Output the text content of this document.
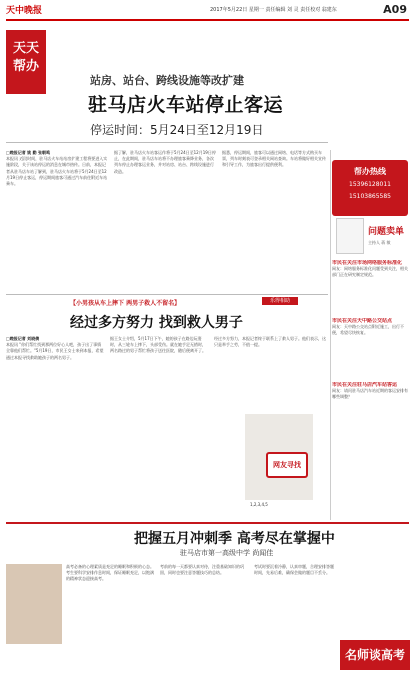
天中晚报	2017年5月22日 星期一 责任编辑 刘 灵 责任校对 翁建东	A09
天天
帮办
站房、站台、跨线设施等改扩建
驻马店火车站停止客运
停运时间：5月24日至12月19日
□晚报记者 姚 勤 张朝鸣
本报讯 近段时间，驻马店火车站站房扩建工程将要进入实施阶段，关于该站停运的消息在城市热传。日前，本报记者从驻马店车站了解到，驻马店火车站将于5月24日至12月19日停止客运，停运期间旅客可通过汽车前往附近车站乘车。
据了解，驻马店火车站客运作将于5月24日至12月19日停止，在此期间，驻马店车站将不办理旅客乘降业务，各次列车停止办理客运业务，并对站房、站台、跨线设施进行改造。
据悉，停运期间，旅客可以通过网络、电话等方式购买车票，列车时刻表可登录相关网站查询。车站将做好相关宣传和引导工作，为旅客出行提供便利。
帮办热线
15396128011
15103865585
问题卖单
主持人 蒋 敏
市民在关注市场网络服务标准化
网友：网络服务标准化问题受到关注，相关部门正在研究制定规范。
市民在关注天中路公交站点
网友：天中路公交站点附近施工，出行不便，希望尽快恢复。
市民在关注驻马店汽车站客运
网友：请问驻马店汽车站近期的客运安排有哪些调整？
【小男孩从车上摔下 两男子救人不留名】	乐得相助
经过多方努力 找到救人男子
□晚报记者 刘晓倩
本报讯 "你们帮忙找到那两位好心人吧，孩子出了事情全靠他们帮忙。"5月19日，市民王女士来到本报，希望通过本报寻找救助她孩子的两名男子。
据王女士介绍，5月17日下午，她的孩子在路边玩耍时，从三轮车上摔下，头部受伤。就在她手足无措时，两名路过的男子帮忙将孩子送往医院，随后便离开了。
经过多方努力，本报记者终于联系上了救人男子。他们表示，这只是举手之劳，不值一提。
网友寻找
1,2,3,4,5
把握五月冲刺季 高考尽在掌握中
驻马店市第一高级中学 尚闻佳
高考必备的心理素质是充足的睡眠和积极的心态。考生要科学安排作息时间，保证睡眠充足，以饱满的精神状态迎接高考。
考前的每一天都要认真对待，注重基础知识的巩固，同时也要注意答题技巧的总结。
考试时要沉着冷静，认真审题，合理安排答题时间，先易后难，确保会做的题目不丢分。
名师谈高考
